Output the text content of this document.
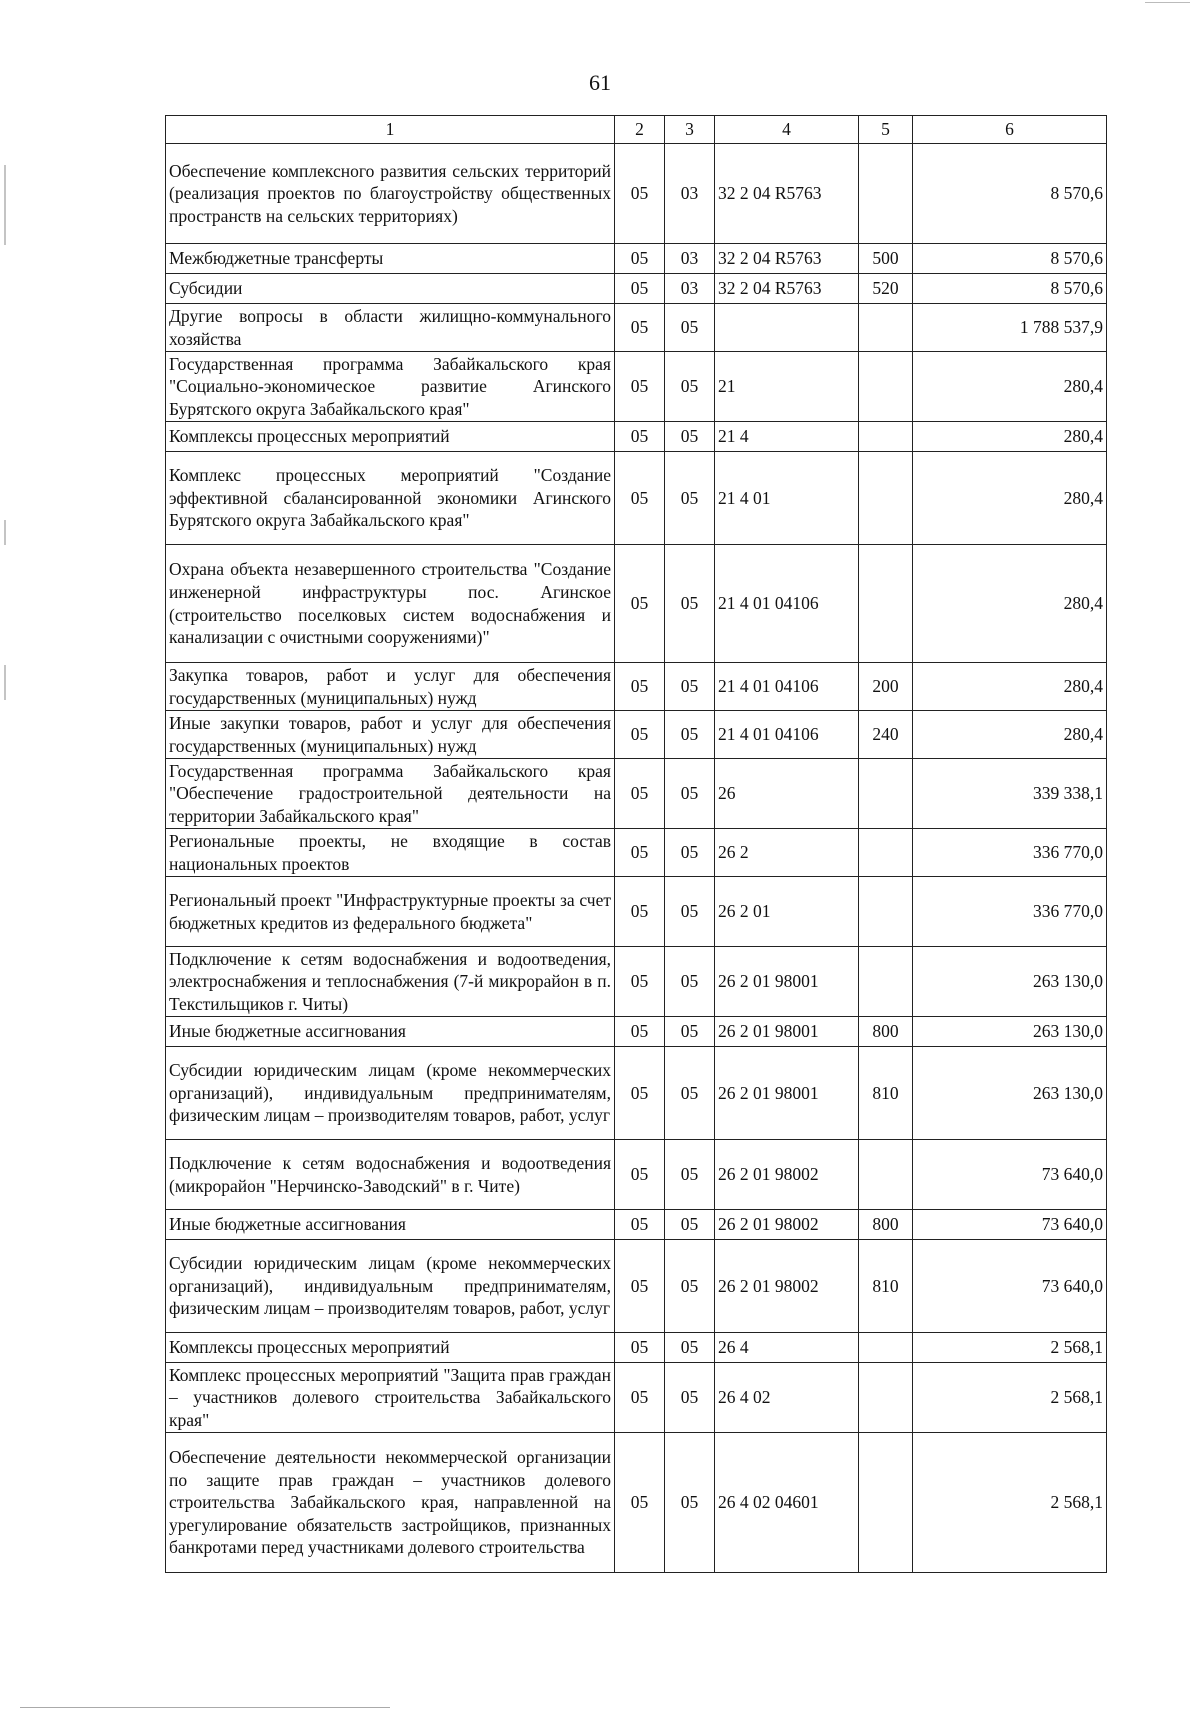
61
1	2	3	4	5	6
Обеспечение комплексного развития сельских территорий (реализация проектов по благоустройству общественных пространств на сельских территориях)	05	03	32 2 04 R5763		8 570,6
Межбюджетные трансферты	05	03	32 2 04 R5763	500	8 570,6
Субсидии	05	03	32 2 04 R5763	520	8 570,6
Другие вопросы в области жилищно-коммунального хозяйства	05	05			1 788 537,9
Государственная программа Забайкальского края "Социально-экономическое развитие Агинского Бурятского округа Забайкальского края"	05	05	21		280,4
Комплексы процессных мероприятий	05	05	21 4		280,4
Комплекс процессных мероприятий "Создание эффективной сбалансированной экономики Агинского Бурятского округа Забайкальского края"	05	05	21 4 01		280,4
Охрана объекта незавершенного строительства "Создание инженерной инфраструктуры пос. Агинское (строительство поселковых систем водоснабжения и канализации с очистными сооружениями)"	05	05	21 4 01 04106		280,4
Закупка товаров, работ и услуг для обеспечения государственных (муниципальных) нужд	05	05	21 4 01 04106	200	280,4
Иные закупки товаров, работ и услуг для обеспечения государственных (муниципальных) нужд	05	05	21 4 01 04106	240	280,4
Государственная программа Забайкальского края "Обеспечение градостроительной деятельности на территории Забайкальского края"	05	05	26		339 338,1
Региональные проекты, не входящие в состав национальных проектов	05	05	26 2		336 770,0
Региональный проект "Инфраструктурные проекты за счет бюджетных кредитов из федерального бюджета"	05	05	26 2 01		336 770,0
Подключение к сетям водоснабжения и водоотведения, электроснабжения и теплоснабжения (7-й микрорайон в п. Текстильщиков г. Читы)	05	05	26 2 01 98001		263 130,0
Иные бюджетные ассигнования	05	05	26 2 01 98001	800	263 130,0
Субсидии юридическим лицам (кроме некоммерческих организаций), индивидуальным предпринимателям, физическим лицам – производителям товаров, работ, услуг	05	05	26 2 01 98001	810	263 130,0
Подключение к сетям водоснабжения и водоотведения (микрорайон "Нерчинско-Заводский" в г. Чите)	05	05	26 2 01 98002		73 640,0
Иные бюджетные ассигнования	05	05	26 2 01 98002	800	73 640,0
Субсидии юридическим лицам (кроме некоммерческих организаций), индивидуальным предпринимателям, физическим лицам – производителям товаров, работ, услуг	05	05	26 2 01 98002	810	73 640,0
Комплексы процессных мероприятий	05	05	26 4		2 568,1
Комплекс процессных мероприятий "Защита прав граждан – участников долевого строительства Забайкальского края"	05	05	26 4 02		2 568,1
Обеспечение деятельности некоммерческой организации по защите прав граждан – участников долевого строительства Забайкальского края, направленной на урегулирование обязательств застройщиков, признанных банкротами перед участниками долевого строительства	05	05	26 4 02 04601		2 568,1
